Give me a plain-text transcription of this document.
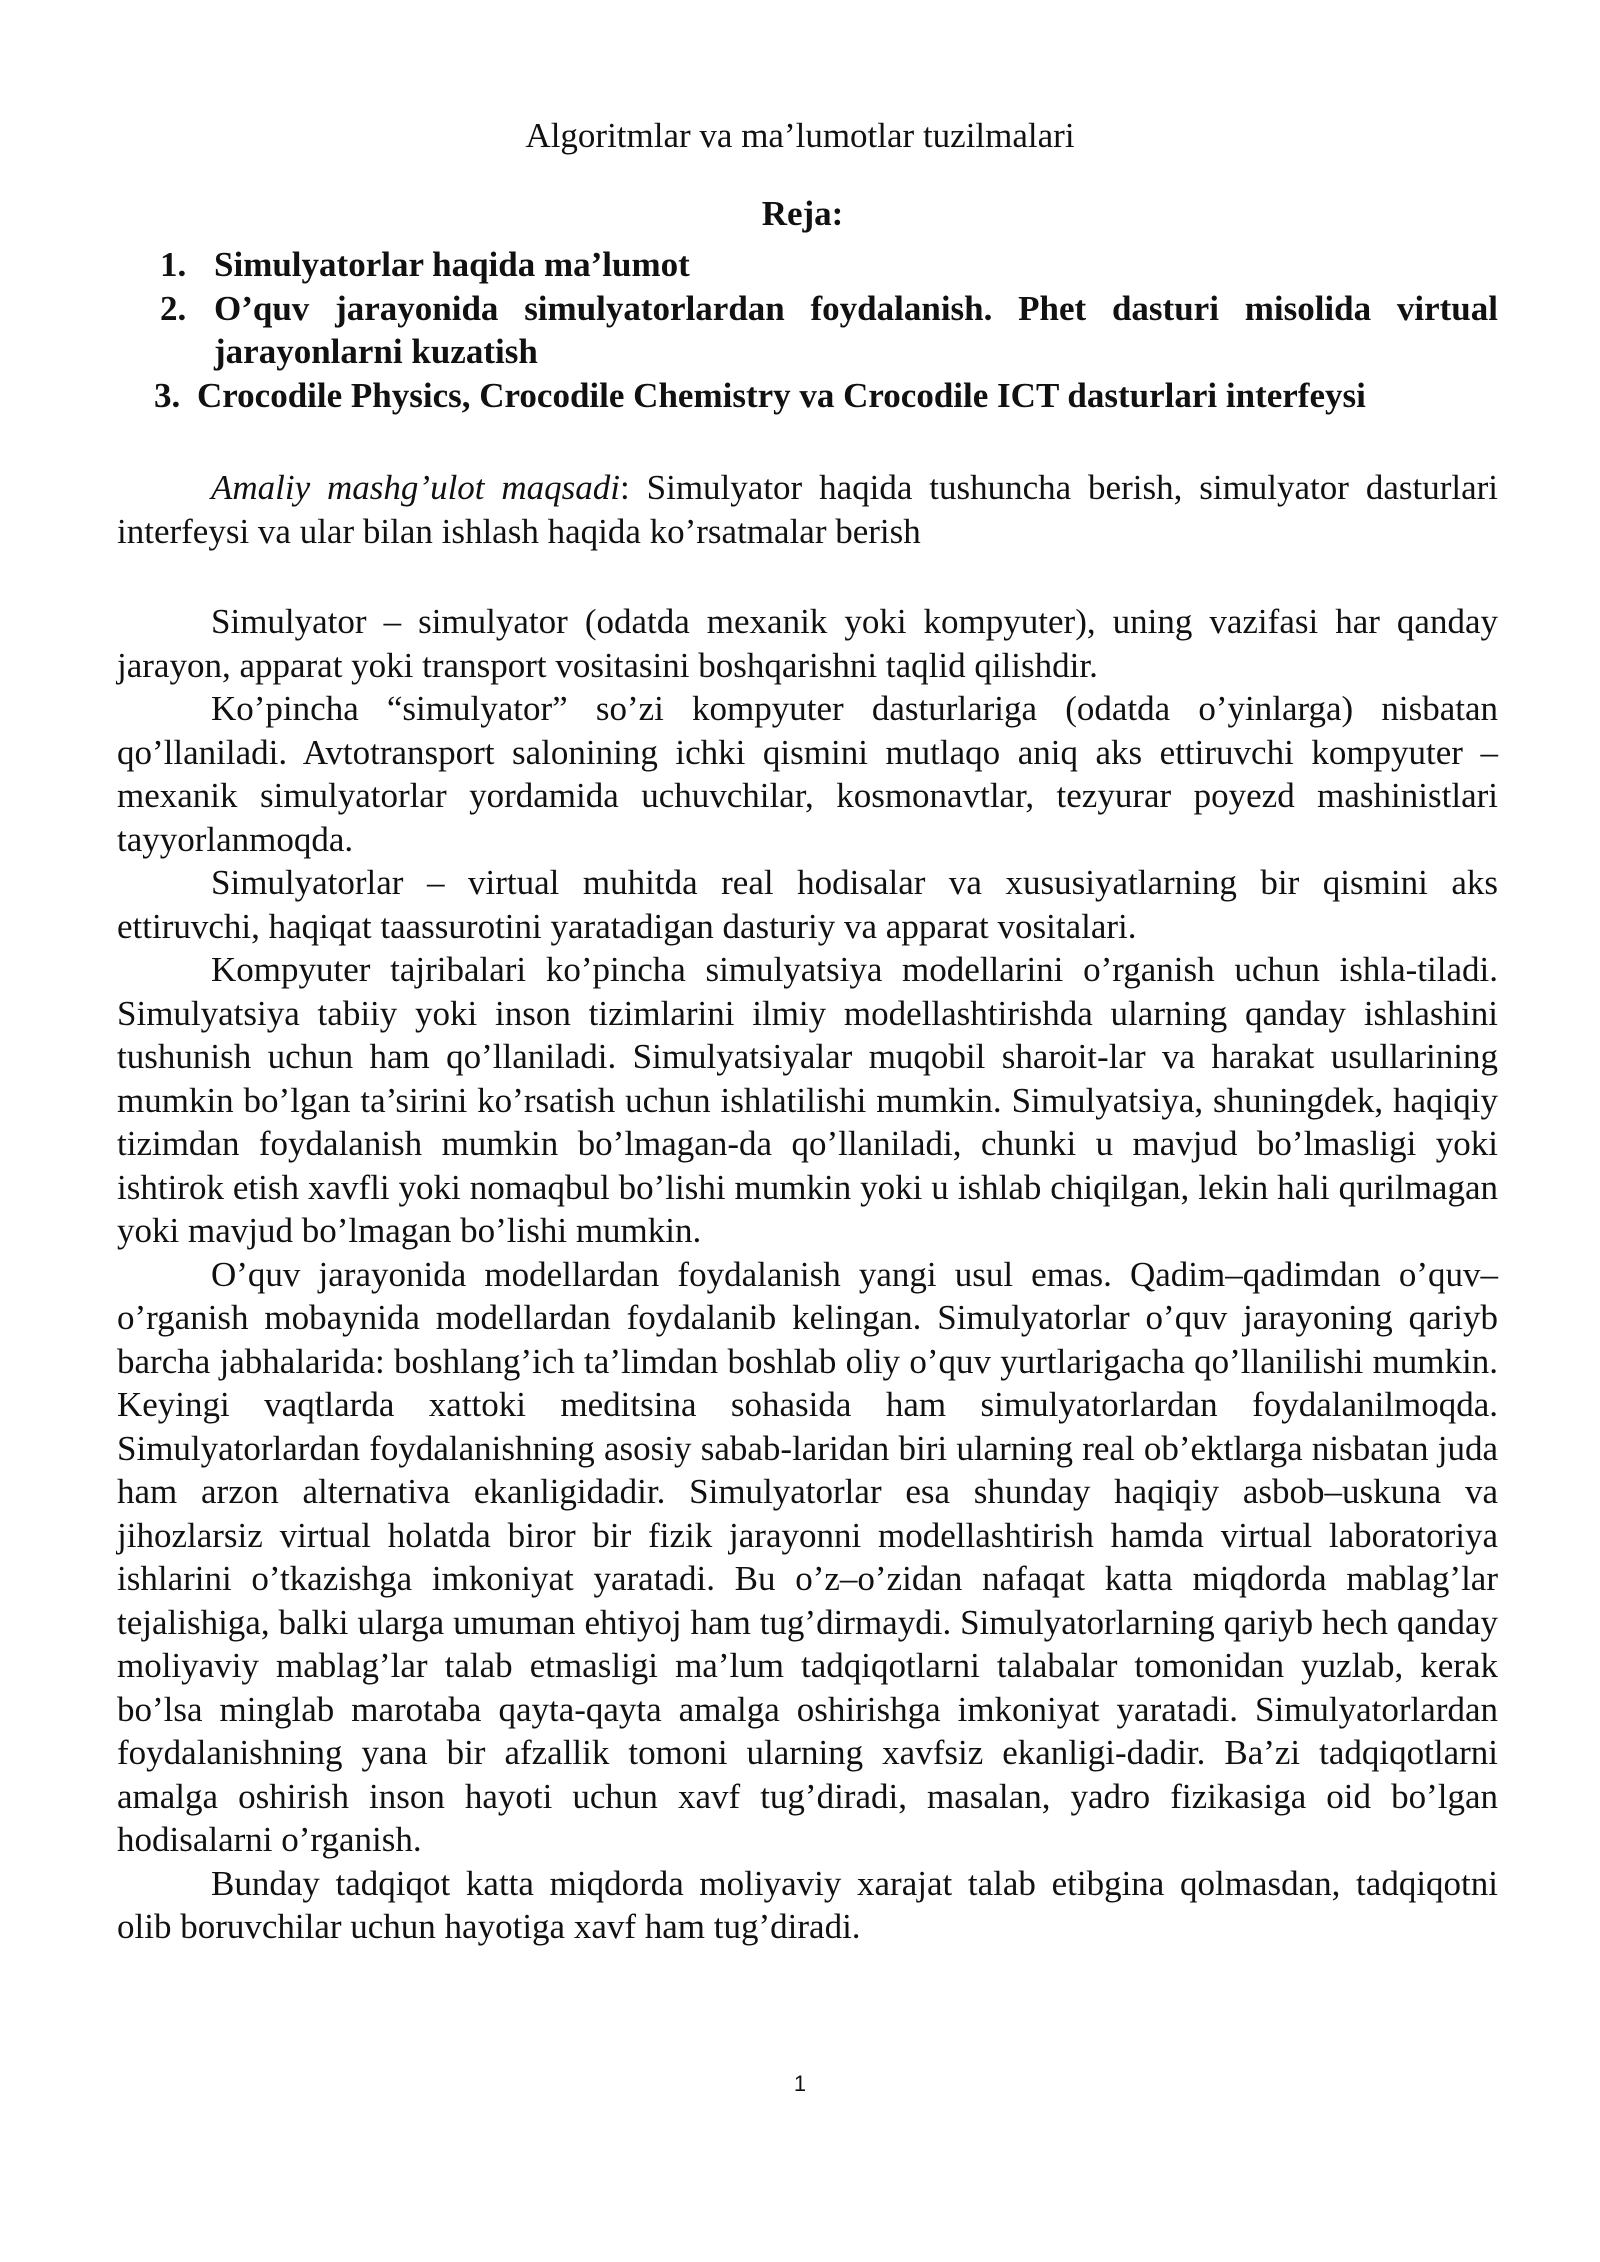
Algoritmlar va ma’lumotlar tuzilmalari
Reja:
1. Simulyatorlar haqida ma’lumot
2. O’quv jarayonida simulyatorlardan foydalanish. Phet dasturi misolida virtual jarayonlarni kuzatish
3. Crocodile Physics, Crocodile Chemistry va Crocodile ICT dasturlari interfeysi

Amaliy mashg’ulot maqsadi: Simulyator haqida tushuncha berish, simulyator dasturlari interfeysi va ular bilan ishlash haqida ko’rsatmalar berish

Simulyator – simulyator (odatda mexanik yoki kompyuter), uning vazifasi har qanday jarayon, apparat yoki transport vositasini boshqarishni taqlid qilishdir.

Ko’pincha “simulyator” so’zi kompyuter dasturlariga (odatda o’yinlarga) nisbatan qo’llaniladi. Avtotransport salonining ichki qismini mutlaqo aniq aks ettiruvchi kompyuter – mexanik simulyatorlar yordamida uchuvchilar, kosmonavtlar, tezyurar poyezd mashinistlari tayyorlanmoqda.

Simulyatorlar – virtual muhitda real hodisalar va xususiyatlarning bir qismini aks ettiruvchi, haqiqat taassurotini yaratadigan dasturiy va apparat vositalari.

Kompyuter tajribalari ko’pincha simulyatsiya modellarini o’rganish uchun ishla-tiladi. Simulyatsiya tabiiy yoki inson tizimlarini ilmiy modellashtirishda ularning qanday ishlashini tushunish uchun ham qo’llaniladi. Simulyatsiyalar muqobil sharoit-lar va harakat usullarining mumkin bo’lgan ta’sirini ko’rsatish uchun ishlatilishi mumkin. Simulyatsiya, shuningdek, haqiqiy tizimdan foydalanish mumkin bo’lmagan-da qo’llaniladi, chunki u mavjud bo’lmasligi yoki ishtirok etish xavfli yoki nomaqbul bo’lishi mumkin yoki u ishlab chiqilgan, lekin hali qurilmagan yoki mavjud bo’lmagan bo’lishi mumkin.

O’quv jarayonida modellardan foydalanish yangi usul emas. Qadim–qadimdan o’quv–o’rganish mobaynida modellardan foydalanib kelingan. Simulyatorlar o’quv jarayoning qariyb barcha jabhalarida: boshlang’ich ta’limdan boshlab oliy o’quv yurtlarigacha qo’llanilishi mumkin. Keyingi vaqtlarda xattoki meditsina sohasida ham simulyatorlardan foydalanilmoqda. Simulyatorlardan foydalanishning asosiy sabab-laridan biri ularning real ob’ektlarga nisbatan juda ham arzon alternativa ekanligidadir. Simulyatorlar esa shunday haqiqiy asbob–uskuna va jihozlarsiz virtual holatda biror bir fizik jarayonni modellashtirish hamda virtual laboratoriya ishlarini o’tkazishga imkoniyat yaratadi. Bu o’z–o’zidan nafaqat katta miqdorda mablag’lar tejalishiga, balki ularga umuman ehtiyoj ham tug’dirmaydi. Simulyatorlarning qariyb hech qanday moliyaviy mablag’lar talab etmasligi ma’lum tadqiqotlarni talabalar tomonidan yuzlab, kerak bo’lsa minglab marotaba qayta-qayta amalga oshirishga imkoniyat yaratadi. Simulyatorlardan foydalanishning yana bir afzallik tomoni ularning xavfsiz ekanligi-dadir. Ba’zi tadqiqotlarni amalga oshirish inson hayoti uchun xavf tug’diradi, masalan, yadro fizikasiga oid bo’lgan hodisalarni o’rganish.

Bunday tadqiqot katta miqdorda moliyaviy xarajat talab etibgina qolmasdan, tadqiqotni olib boruvchilar uchun hayotiga xavf ham tug’diradi.

1
